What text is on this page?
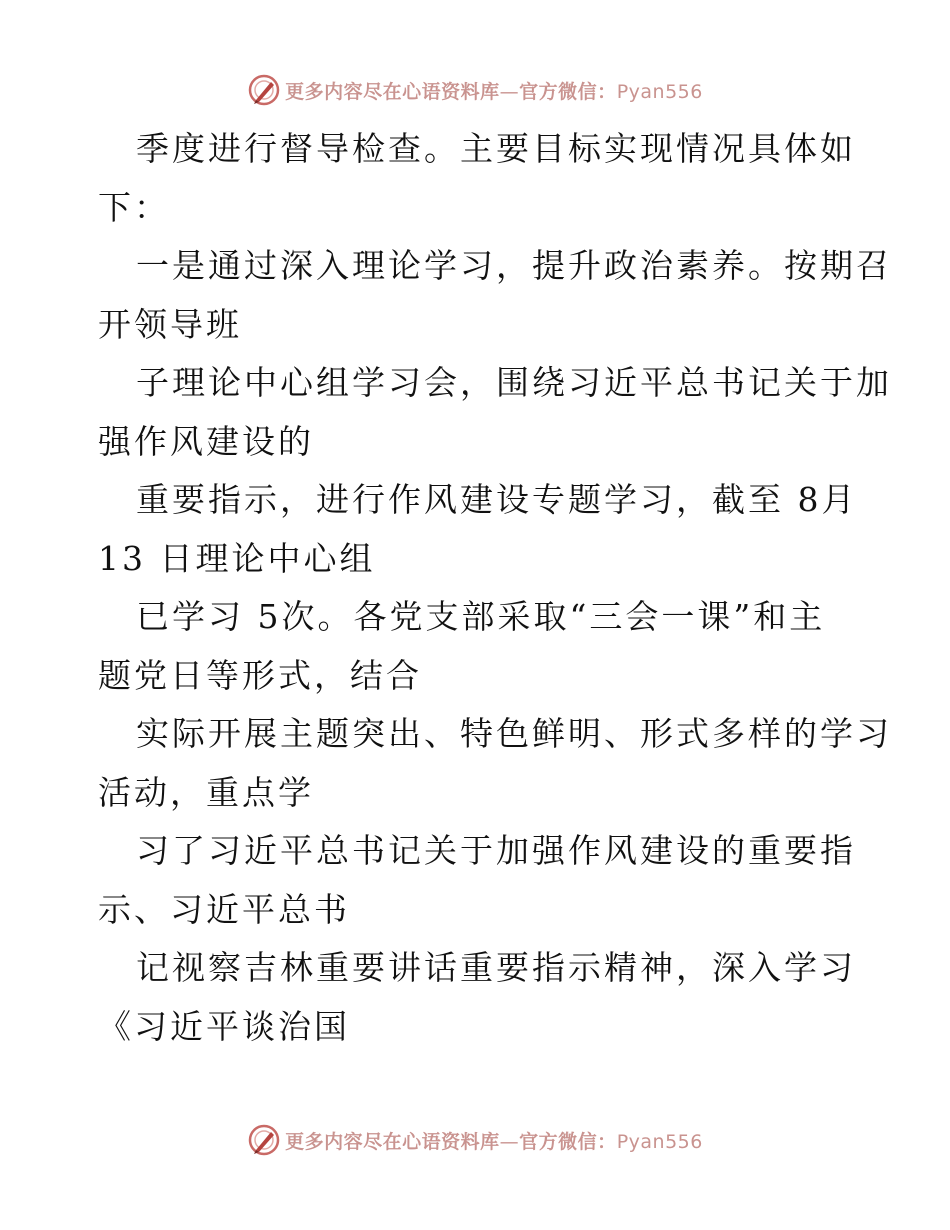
更多内容尽在心语资料库—官方微信：Pyan556
季度进行督导检查。主要目标实现情况具体如
下：
一是通过深入理论学习，提升政治素养。按期召
开领导班
子理论中心组学习会，围绕习近平总书记关于加
强作风建设的
重要指示，进行作风建设专题学习，截至 8月
13 日理论中心组
已学习 5次。各党支部采取“三会一课”和主
题党日等形式，结合
实际开展主题突出、特色鲜明、形式多样的学习
活动，重点学
习了习近平总书记关于加强作风建设的重要指
示、习近平总书
记视察吉林重要讲话重要指示精神，深入学习
《习近平谈治国
更多内容尽在心语资料库—官方微信：Pyan556
